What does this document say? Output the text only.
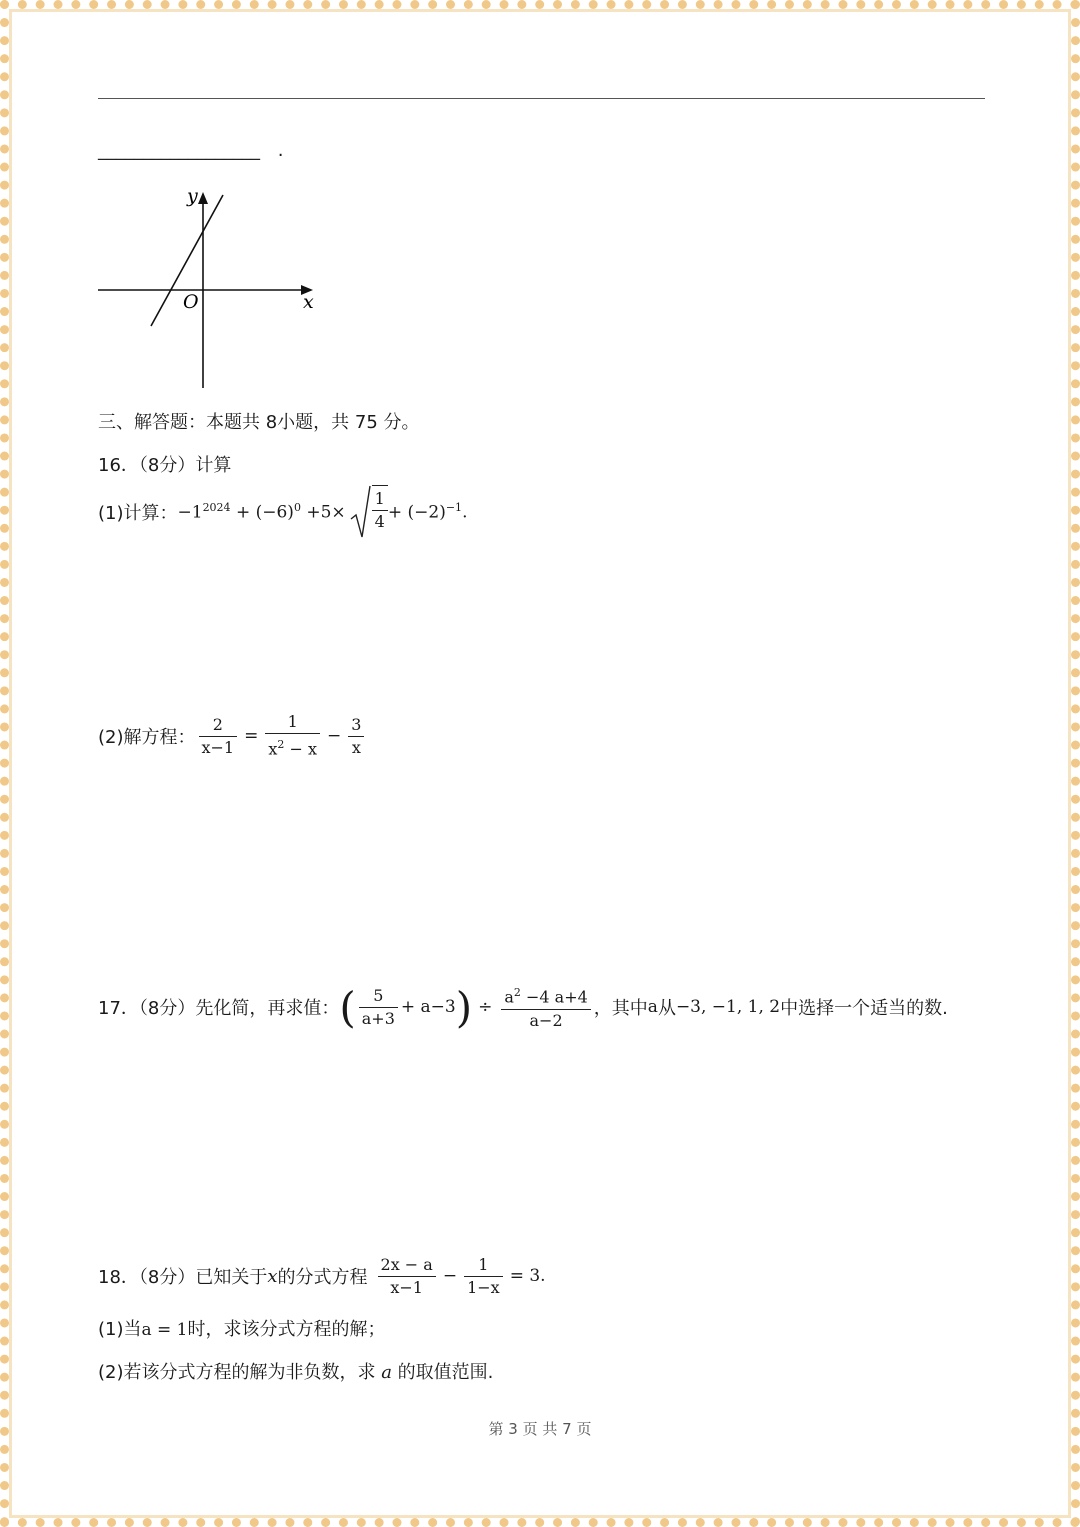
__________________ .
y
x
O
三、解答题：本题共 8小题，共 75 分。
16．（8分）计算
(1)计算： $-1^{2024} + (-6)^0 +5\times \frac{1}{4} + (-2)^{-1}$.
(2)解方程： $\frac{2}{x-1} = \frac{1}{x^2 - x} - \frac{3}{x}$
17．（8分）先化简，再求值： ( $\frac{5}{a+3} + a-3$ ) ÷ $\frac{a^2 -4 a+4}{a-2}$ ，其中 a 从 −3, −1, 1, 2 中选择一个适当的数.
18．（8分）已知关于 x 的分式方程 $\frac{2x - a}{x-1} - \frac{1}{1-x} = 3$.
(1)当a = 1时，求该分式方程的解；
(2)若该分式方程的解为非负数，求 a 的取值范围.
第 3 页 共 7 页
